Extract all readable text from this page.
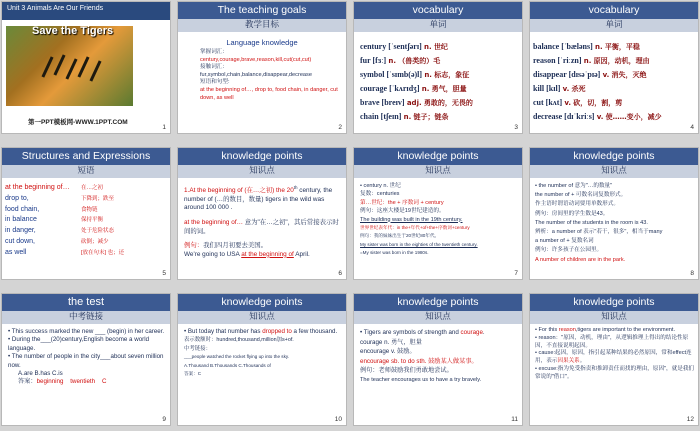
Unit 3 Animals Are Our Friends
Save the Tigers
第一PPT模板网-WWW.1PPT.COM
1
The teaching goals
教学目标
Language knowledge
掌握词汇：
century,courage,brave,reason,kill,cut(cut,cut)
接触词汇：
fur,symbol,chain,balance,disappear,decrease
短语和句型:
at the beginning of…, drop to, food chain, in danger, cut down, as well
2
vocabulary
单词
century [ˈsentʃərɪ] n. 世纪
fur [fɜː] n. （兽类的）毛
symbol [ˈsɪmb(ə)l] n. 标志，象征
courage [ˈkʌrɪdʒ] n. 勇气，胆量
brave [breɪv] adj. 勇敢的，无畏的
chain [tʃeɪn] n. 链子；链条
3
vocabulary
单词
balance [ˈbæləns] n. 平衡，平稳
reason [ˈriːzn] n. 原因，动机，理由
disappear [dɪsəˈpɪə] v. 消失，灭绝
kill [kɪl] v. 杀死
cut [kʌt] v. 砍，切，割，剪
decrease [dɪˈkriːs] v. 使……变小，减少
4
Structures and Expressions
短语
at the beginning of… 在…之初
drop to,	下降到；跌至
food chain,	食物链
in balance	保持平衡
in danger,	处于危险状态
cut down,	砍倒；减少
as well	[放在句末] 也；还
5
knowledge points
知识点
1.At the beginning of (在…之初) the 20th century, the number of (…的数目，数量) tigers in the wild was around 100 000 .
at the beginning of… 意为"在…之初"，其后常接表示时间的词。
例句：我们四月初要去美国。
We're going to USA at the beginning of April.
6
knowledge points
知识点
• century n. 世纪
复数：centuries
第…世纪：the + 序数词 + century
例句：这座大楼是19世纪建造的。
The building was built in the 19th century.
世界世纪表年代：in the+年代+of+the+序数词+century
例句：我的妹妹出生于20世纪80年代。
My sister was born in the eighties of the twentieth century.
=My sister was born in the 1980s.
7
knowledge points
知识点
• the number of 意为"…的数量"
the number of + 可数名词复数形式。
作主语时谓语动词要用单数形式。
例句：房间里的学生数是43。
The number of the students in the room is 43.
辨析：a number of 表示"若干，很多"，相当于many
a number of + 复数名词
例句：许多孩子在公园里。
A number of children are in the park.
8
the test
中考链接
• This success marked the new ___ (begin) in her career.
• During the___(20)century,English become a world language.
• The number of people in the city___about seven million now.
A.are B.has C.is
答案：beginning twentieth C
9
knowledge points
知识点
• But today that number has dropped to a few thousand.
表示数额时：hundred,thousand,million加s+of.
中考链接：
___people watched the rocket flying up into the sky.
A.Thousand B.Thousands C.Thousands of
答案：C
10
knowledge points
知识点
• Tigers are symbols of strength and courage.
courage n. 勇气，胆量
encourage v. 鼓励。
encourage sb. to do sth. 鼓励某人做某事。
例句：老师鼓励我们勇敢地尝试。
The teacher encourages us to have a try bravely.
11
knowledge points
知识点
• For this reason,tigers are important to the environment.
• reason："原因，动机，理由"，从逻辑推理上得出的结论性原因，不直接说明起因。
• cause:起因，原因，指引起某种结果的必然原因，常和effect连用，表示因果关系。
• excuse:指为免受指责和推卸责任而找的理由，原因"，就是我们常说的"借口"。
12
